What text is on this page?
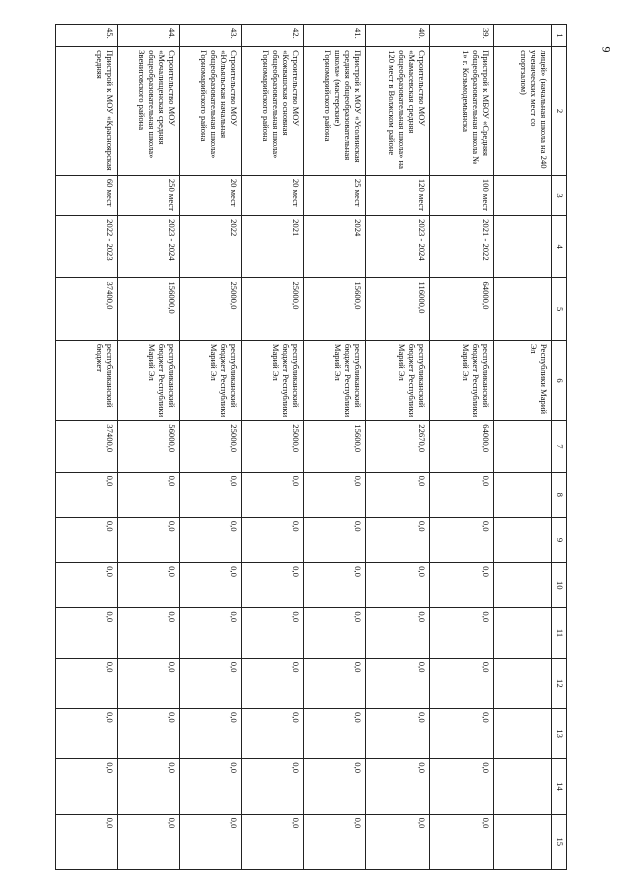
9
1	2	3	4	5	6	7	8	9	10	11	12	13	14	15
	лицей» (начальная школа на 240 ученических мест со спортзалом)				Республики Марий Эл									
39.	Пристрой к МБОУ «Средняя общеобразовательная школа № 1» г. Козьмодемьянска	100 мест	2021 - 2022	64000,0	республиканский бюджет Республики Марий Эл	64000,0	0,0	0,0	0,0	0,0	0,0	0,0	0,0	0,0
40.	Строительство МОУ «Мамасевская средняя общеобразовательная школа» на 120 мест в Волжском районе	120 мест	2023 - 2024	116000,0	республиканский бюджет Республики Марий Эл	22670,0	0,0	0,0	0,0	0,0	0,0	0,0	0,0	0,0
41.	Пристрой к МОУ «Усолинская средняя общеобразовательная школа» (мастерские) Горномарийского района	25 мест	2024	15600,0	республиканский бюджет Республики Марий Эл	15600,0	0,0	0,0	0,0	0,0	0,0	0,0	0,0	0,0
42.	Строительство МОУ «Кожвашская основная общеобразовательная школа» Горномарийского района	20 мест	2021	25000,0	республиканский бюджет Республики Марий Эл	25000,0	0,0	0,0	0,0	0,0	0,0	0,0	0,0	0,0
43.	Строительство МОУ «Юльяльская начальная общеобразовательная школа» Горномарийского района	20 мест	2022	25000,0	республиканский бюджет Республики Марий Эл	25000,0	0,0	0,0	0,0	0,0	0,0	0,0	0,0	0,0
44.	Строительство МОУ «Мочалищенская средняя общеобразовательная школа» Звениговского района	250 мест	2023 - 2024	156000,0	республиканский бюджет Республики Марий Эл	56000,0	0,0	0,0	0,0	0,0	0,0	0,0	0,0	0,0
45.	Пристрой к МОУ «Красноярская средняя	60 мест	2022 - 2023	37400,0	республиканский бюджет	37400,0	0,0	0,0	0,0	0,0	0,0	0,0	0,0	0,0
